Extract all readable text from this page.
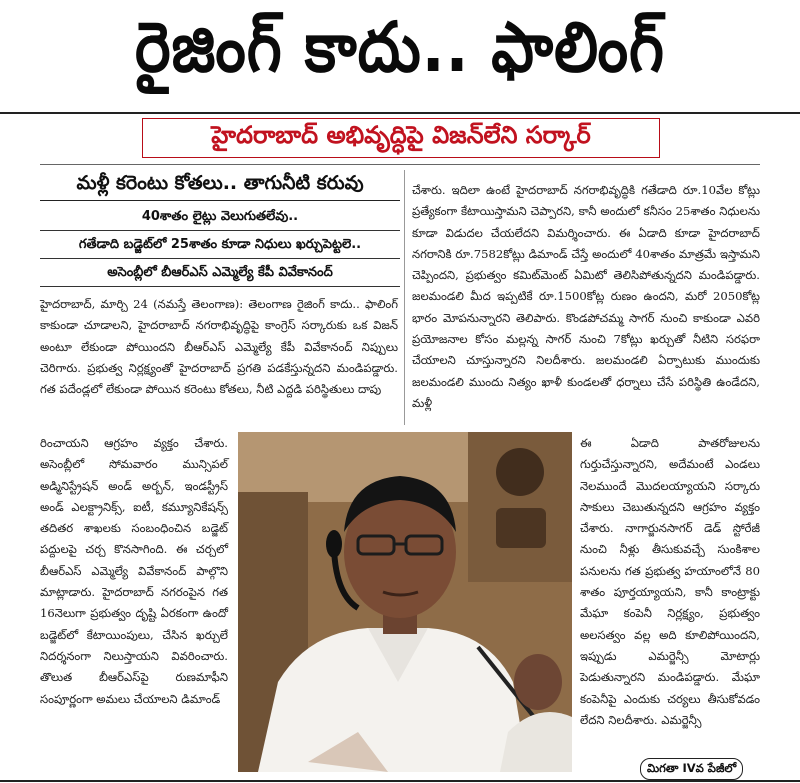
రైజింగ్ కాదు.. ఫాలింగ్
హైదరాబాద్ అభివృద్ధిపై విజన్‌లేని సర్కార్
మళ్లీ కరెంటు కోతలు.. తాగునీటి కరువు
40శాతం లైట్లు వెలుగుతలేవు..
గతేడాది బడ్జెట్‌లో 25శాతం కూడా నిధులు ఖర్చుపెట్టలె..
అసెంబ్లీలో బీఆర్ఎస్ ఎమ్మెల్యే కేపీ వివేకానంద్

హైదరాబాద్, మార్చి 24 (నమస్తే తెలంగాణ): తెలంగాణ రైజింగ్ కాదు.. ఫాలింగ్ కాకుండా చూడాలని, హైదరాబాద్ నగరాభివృద్ధిపై కాంగ్రెస్ సర్కారుకు ఒక విజన్ అంటూ లేకుండా పోయిందని బీఆర్ఎస్ ఎమ్మెల్యే కేపీ వివేకానంద్ నిప్పులు చెరిగారు. ప్రభుత్వ నిర్లక్ష్యంతో హైదరాబాద్ ప్రగతి పడకేస్తున్నదని మండిపడ్డారు. గత పదేండ్లలో లేకుండా పోయిన కరెంటు కోతలు, నీటి ఎద్దడి పరిస్థితులు దాపు

చేశారు. ఇదిలా ఉంటే హైదరాబాద్ నగరాభివృద్ధికి గతేడాది రూ.10వేల కోట్లు ప్రత్యేకంగా కేటాయిస్తామని చెప్పారని, కానీ అందులో కనీసం 25శాతం నిధులను కూడా విడుదల చేయలేదని విమర్శించారు. ఈ ఏడాది కూడా హైదరాబాద్ నగరానికి రూ.7582కోట్లు డిమాండ్ చేస్తే అందులో 40శాతం మాత్రమే ఇస్తామని చెప్పిందని, ప్రభుత్వం కమిట్‌మెంట్ ఏమిటో తెలిసిపోతున్నదని మండిపడ్డారు. జలమండలి మీద ఇప్పటికే రూ.1500కోట్ల రుణం ఉందని, మరో 2050కోట్ల భారం మోపనున్నారని తెలిపారు. కొండపోచమ్మ సాగర్ నుంచి కాకుండా ఎవరి ప్రయోజనాల కోసం మల్లన్న సాగర్ నుంచి 7కోట్లు ఖర్చుతో నీటిని సరఫరా చేయాలని చూస్తున్నారని నిలదీశారు. జలమండలి ఏర్పాటుకు ముందుకు జలమండలి ముందు నిత్యం ఖాళీ కుండలతో ధర్నాలు చేసే పరిస్థితి ఉండేదని, మళ్లీ

రించాయని ఆగ్రహం వ్యక్తం చేశారు. అసెంబ్లీలో సోమవారం మున్సిపల్ అడ్మినిస్ట్రేషన్ అండ్ అర్బన్, ఇండస్ట్రీస్ అండ్ ఎలక్ట్రానిక్స్, ఐటీ, కమ్యూనికేషన్స్ తదితర శాఖలకు సంబంధించిన బడ్జెట్ పద్దులపై చర్చ కొనసాగింది. ఈ చర్చలో బీఆర్ఎస్ ఎమ్మెల్యే వివేకానంద్ పాల్గొని మాట్లాడారు. హైదరాబాద్ నగరంపైన గత 16నెలుగా ప్రభుత్వం దృష్టి ఏరకంగా ఉందో బడ్జెట్‌లో కేటాయింపులు, చేసిన ఖర్చులే నిదర్శనంగా నిలుస్తాయని వివరించారు. తొలుత బీఆర్ఎస్‌పై రుణమాఫీని సంపూర్ణంగా అమలు చేయాలని డిమాండ్

ఈ ఏడాది పాతరోజులను గుర్తుచేస్తున్నారని, అదేమంటే ఎండలు నెలముందే మొదలయ్యాయని సర్కారు సాకులు చెబుతున్నదని ఆగ్రహం వ్యక్తం చేశారు. నాగార్జునసాగర్ డెడ్ స్టోరేజీ నుంచి నీళ్లు తీసుకువచ్చే సుంకిశాల పనులను గత ప్రభుత్వ హయాంలోనే 80 శాతం పూర్తయ్యాయని, కానీ కాంట్రాక్టు మేఘా కంపెనీ నిర్లక్ష్యం, ప్రభుత్వం అలసత్వం వల్ల అది కూలిపోయిందని, ఇప్పుడు ఎమర్జెన్సీ మోటార్లు పెడుతున్నారని మండిపడ్డారు. మేఘా కంపెనీపై ఎందుకు చర్యలు తీసుకోవడం లేదని నిలదీశారు. ఎమర్జెన్సీ

మిగతా IVవ పేజీలో
